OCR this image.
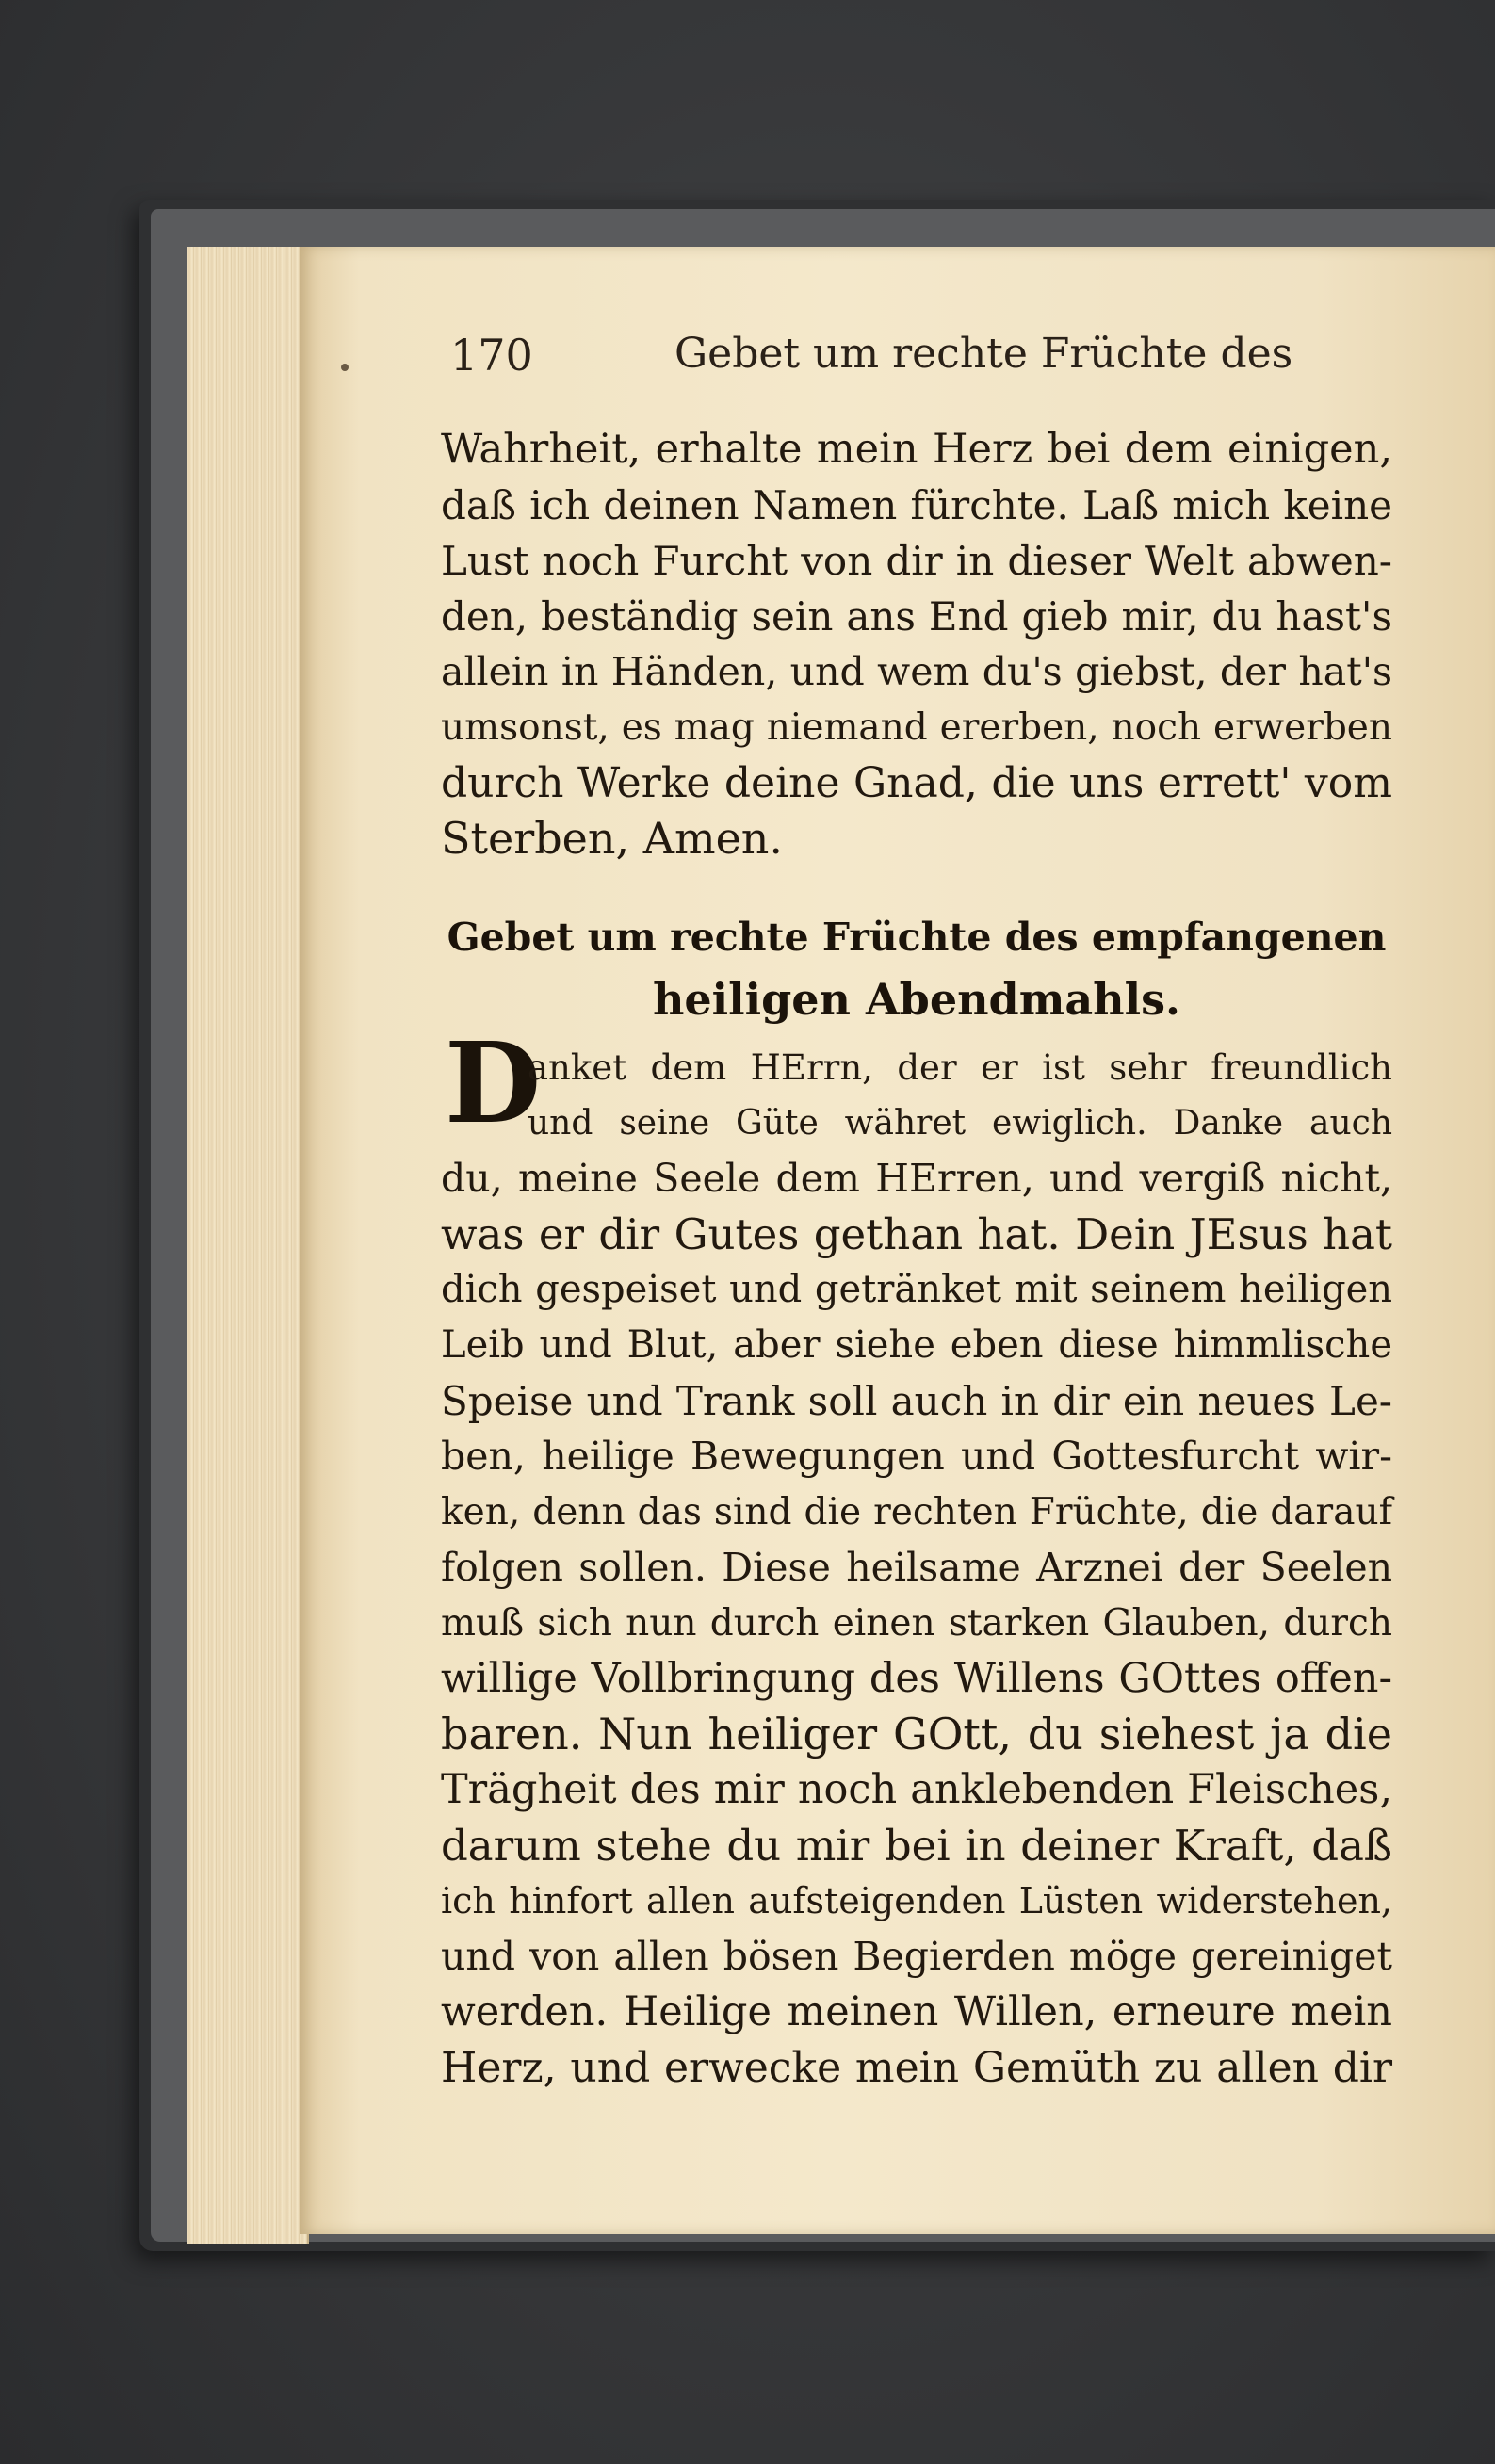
170	Gebet um rechte Früchte des
Wahrheit, erhalte mein Herz bei dem einigen,
daß ich deinen Namen fürchte. Laß mich keine
Lust noch Furcht von dir in dieser Welt abwen-
den, beständig sein ans End gieb mir, du hast's
allein in Händen, und wem du's giebst, der hat's
umsonst, es mag niemand ererben, noch erwerben
durch Werke deine Gnad, die uns errett' vom
Sterben, Amen.
Gebet um rechte Früchte des empfangenen
heiligen Abendmahls.
D
anket dem HErrn, der er ist sehr freundlich
und seine Güte währet ewiglich. Danke auch
du, meine Seele dem HErren, und vergiß nicht,
was er dir Gutes gethan hat. Dein JEsus hat
dich gespeiset und getränket mit seinem heiligen
Leib und Blut, aber siehe eben diese himmlische
Speise und Trank soll auch in dir ein neues Le-
ben, heilige Bewegungen und Gottesfurcht wir-
ken, denn das sind die rechten Früchte, die darauf
folgen sollen. Diese heilsame Arznei der Seelen
muß sich nun durch einen starken Glauben, durch
willige Vollbringung des Willens GOttes offen-
baren. Nun heiliger GOtt, du siehest ja die
Trägheit des mir noch anklebenden Fleisches,
darum stehe du mir bei in deiner Kraft, daß
ich hinfort allen aufsteigenden Lüsten widerstehen,
und von allen bösen Begierden möge gereiniget
werden. Heilige meinen Willen, erneure mein
Herz, und erwecke mein Gemüth zu allen dir
